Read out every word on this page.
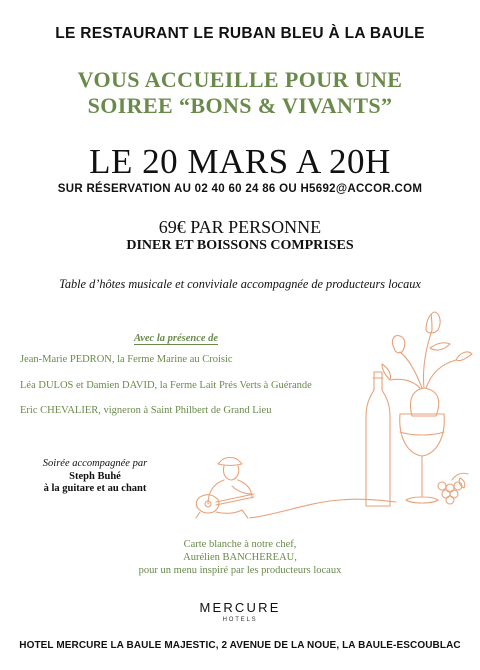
LE RESTAURANT LE RUBAN BLEU À LA BAULE
VOUS ACCUEILLE POUR UNE
SOIREE “BONS & VIVANTS”
LE 20 MARS A 20H
SUR RÉSERVATION AU 02 40 60 24 86 OU H5692@ACCOR.COM
69€ PAR PERSONNE
DINER ET BOISSONS COMPRISES
Table d’hôtes musicale et conviviale accompagnée de producteurs locaux
Avec la présence de
Jean-Marie PEDRON, la Ferme Marine au Croisic
Léa DULOS et Damien DAVID, la Ferme Lait Prés Verts à Guérande
Eric CHEVALIER, vigneron à Saint Philbert de Grand Lieu
Soirée accompagnée par
Steph Buhé
à la guitare et au chant
Carte blanche à notre chef,
Aurélien BANCHEREAU,
pour un menu inspiré par les producteurs locaux
MERCURE
HOTELS
HOTEL MERCURE LA BAULE MAJESTIC, 2 AVENUE DE LA NOUE, LA BAULE-ESCOUBLAC
